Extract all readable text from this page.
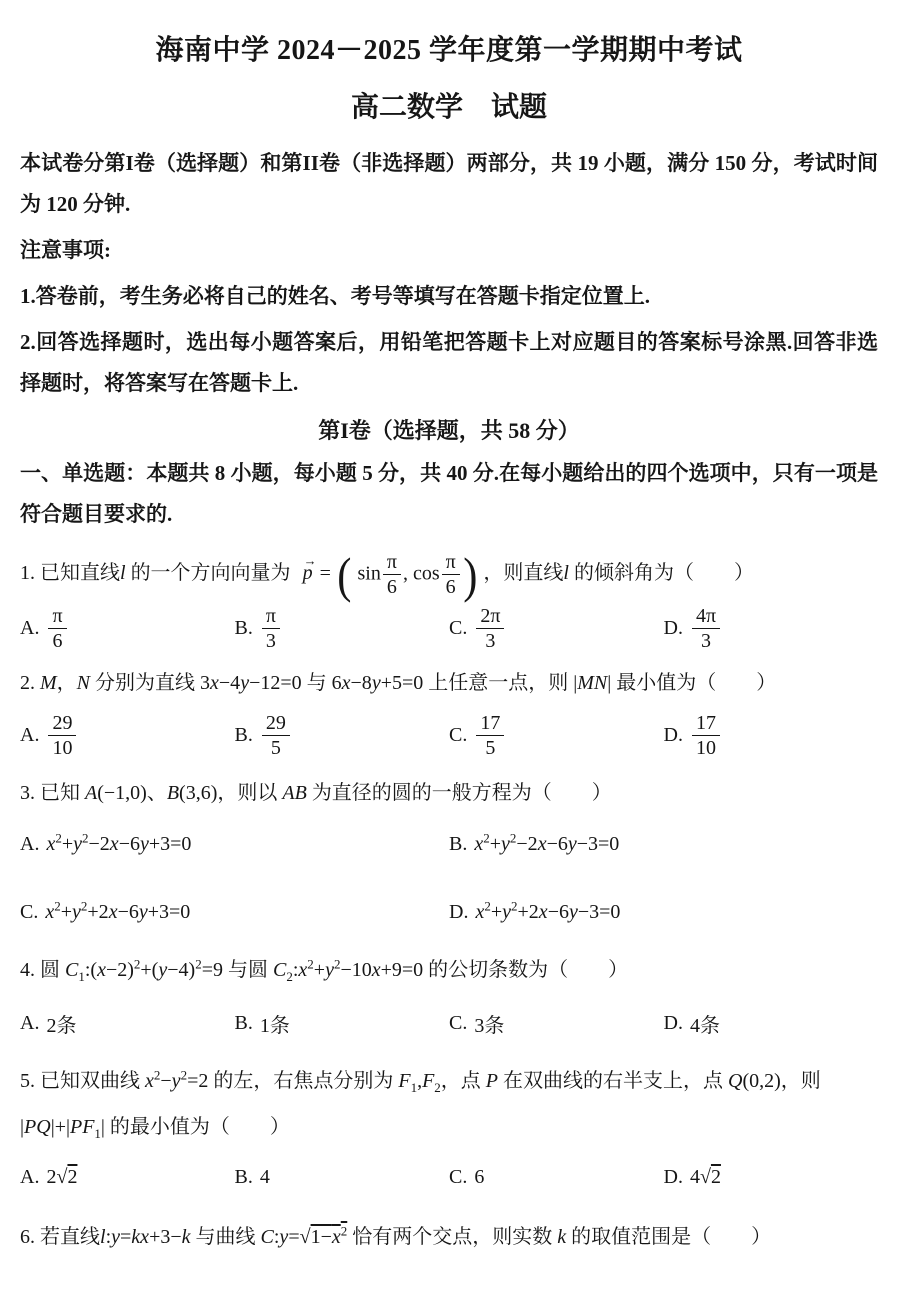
海南中学 2024－2025 学年度第一学期期中考试
高二数学　试题

本试卷分第I卷（选择题）和第II卷（非选择题）两部分，共 19 小题，满分 150 分，考试时间为 120 分钟.

注意事项:

1.答卷前，考生务必将自己的姓名、考号等填写在答题卡指定位置上.

2.回答选择题时，选出每小题答案后，用铅笔把答题卡上对应题目的答案标号涂黑.回答非选择题时，将答案写在答题卡上.

第I卷（选择题，共 58 分）

一、单选题：本题共 8 小题，每小题 5 分，共 40 分.在每小题给出的四个选项中，只有一项是符合题目要求的.

1. 已知直线l 的一个方向向量为
→
p = ( $\sin \frac{\pi}{6}$ , $\cos \frac{\pi}{6}$ ) ，则直线l 的倾斜角为（　　）
A. $\frac{\pi}{6}$	B. $\frac{\pi}{3}$	C. $\frac{2\pi}{3}$	D. $\frac{4\pi}{3}$
2. M，N 分别为直线 3x−4y−12=0 与 6x−8y+5=0 上任意一点，则 |MN| 最小值为（　　）
A. $\frac{29}{10}$	B. $\frac{29}{5}$	C. $\frac{17}{5}$	D. $\frac{17}{10}$
3. 已知 A(−1,0)、B(3,6)，则以 AB 为直径的圆的一般方程为（　　）
A. $x^2+y^2-2x-6y+3=0$	B. $x^2+y^2-2x-6y-3=0$
C. $x^2+y^2+2x-6y+3=0$	D. $x^2+y^2+2x-6y-3=0$
4. 圆 $C_1:(x-2)^2+(y-4)^2=9$ 与圆 $C_2:x^2+y^2-10x+9=0$ 的公切条数为（　　）
A. 2条	B. 1条	C. 3条	D. 4条
5. 已知双曲线 $x^2-y^2=2$ 的左，右焦点分别为 $F_1,F_2$，点 P 在双曲线的右半支上，点 Q(0,2)，则
$|PQ|+|PF_1|$ 的最小值为（　　）
A. 2√2	B. 4	C. 6	D. 4√2
6. 若直线l:y=kx+3−k 与曲线 $C:y=√1-x^2$ 恰有两个交点，则实数 k 的取值范围是（　　）
